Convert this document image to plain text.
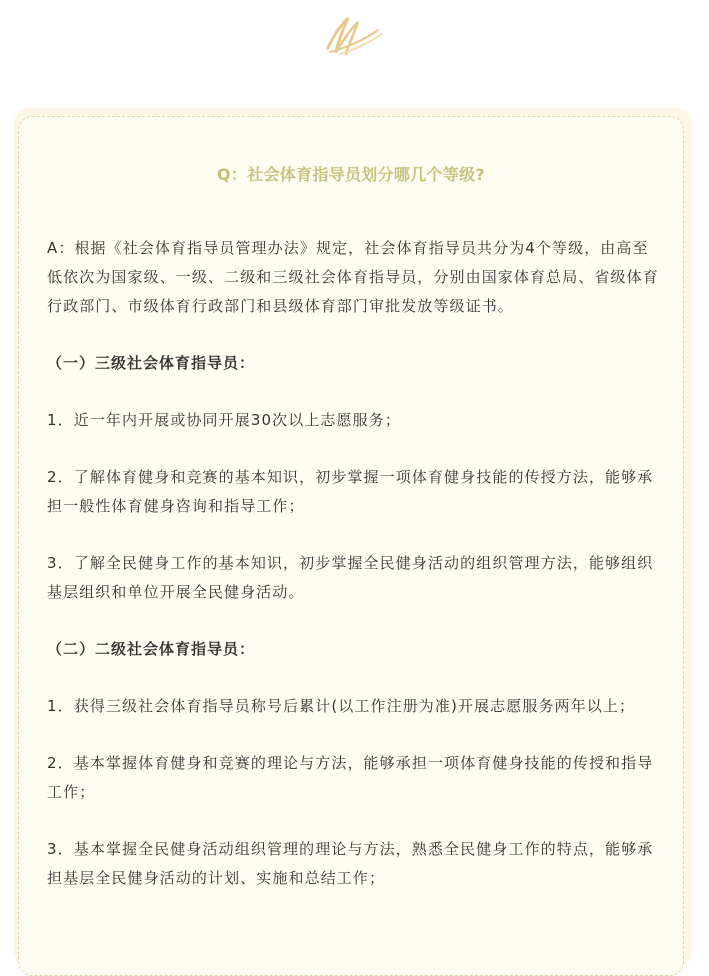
Q：社会体育指导员划分哪几个等级?

A：根据《社会体育指导员管理办法》规定，社会体育指导员共分为4个等级，由高至低依次为国家级、一级、二级和三级社会体育指导员，分别由国家体育总局、省级体育行政部门、市级体育行政部门和县级体育部门审批发放等级证书。

（一）三级社会体育指导员：

1．近一年内开展或协同开展30次以上志愿服务；

2．了解体育健身和竞赛的基本知识，初步掌握一项体育健身技能的传授方法，能够承担一般性体育健身咨询和指导工作；

3．了解全民健身工作的基本知识，初步掌握全民健身活动的组织管理方法，能够组织基层组织和单位开展全民健身活动。

（二）二级社会体育指导员：

1．获得三级社会体育指导员称号后累计(以工作注册为准)开展志愿服务两年以上；

2．基本掌握体育健身和竞赛的理论与方法，能够承担一项体育健身技能的传授和指导工作；

3．基本掌握全民健身活动组织管理的理论与方法，熟悉全民健身工作的特点，能够承担基层全民健身活动的计划、实施和总结工作；
